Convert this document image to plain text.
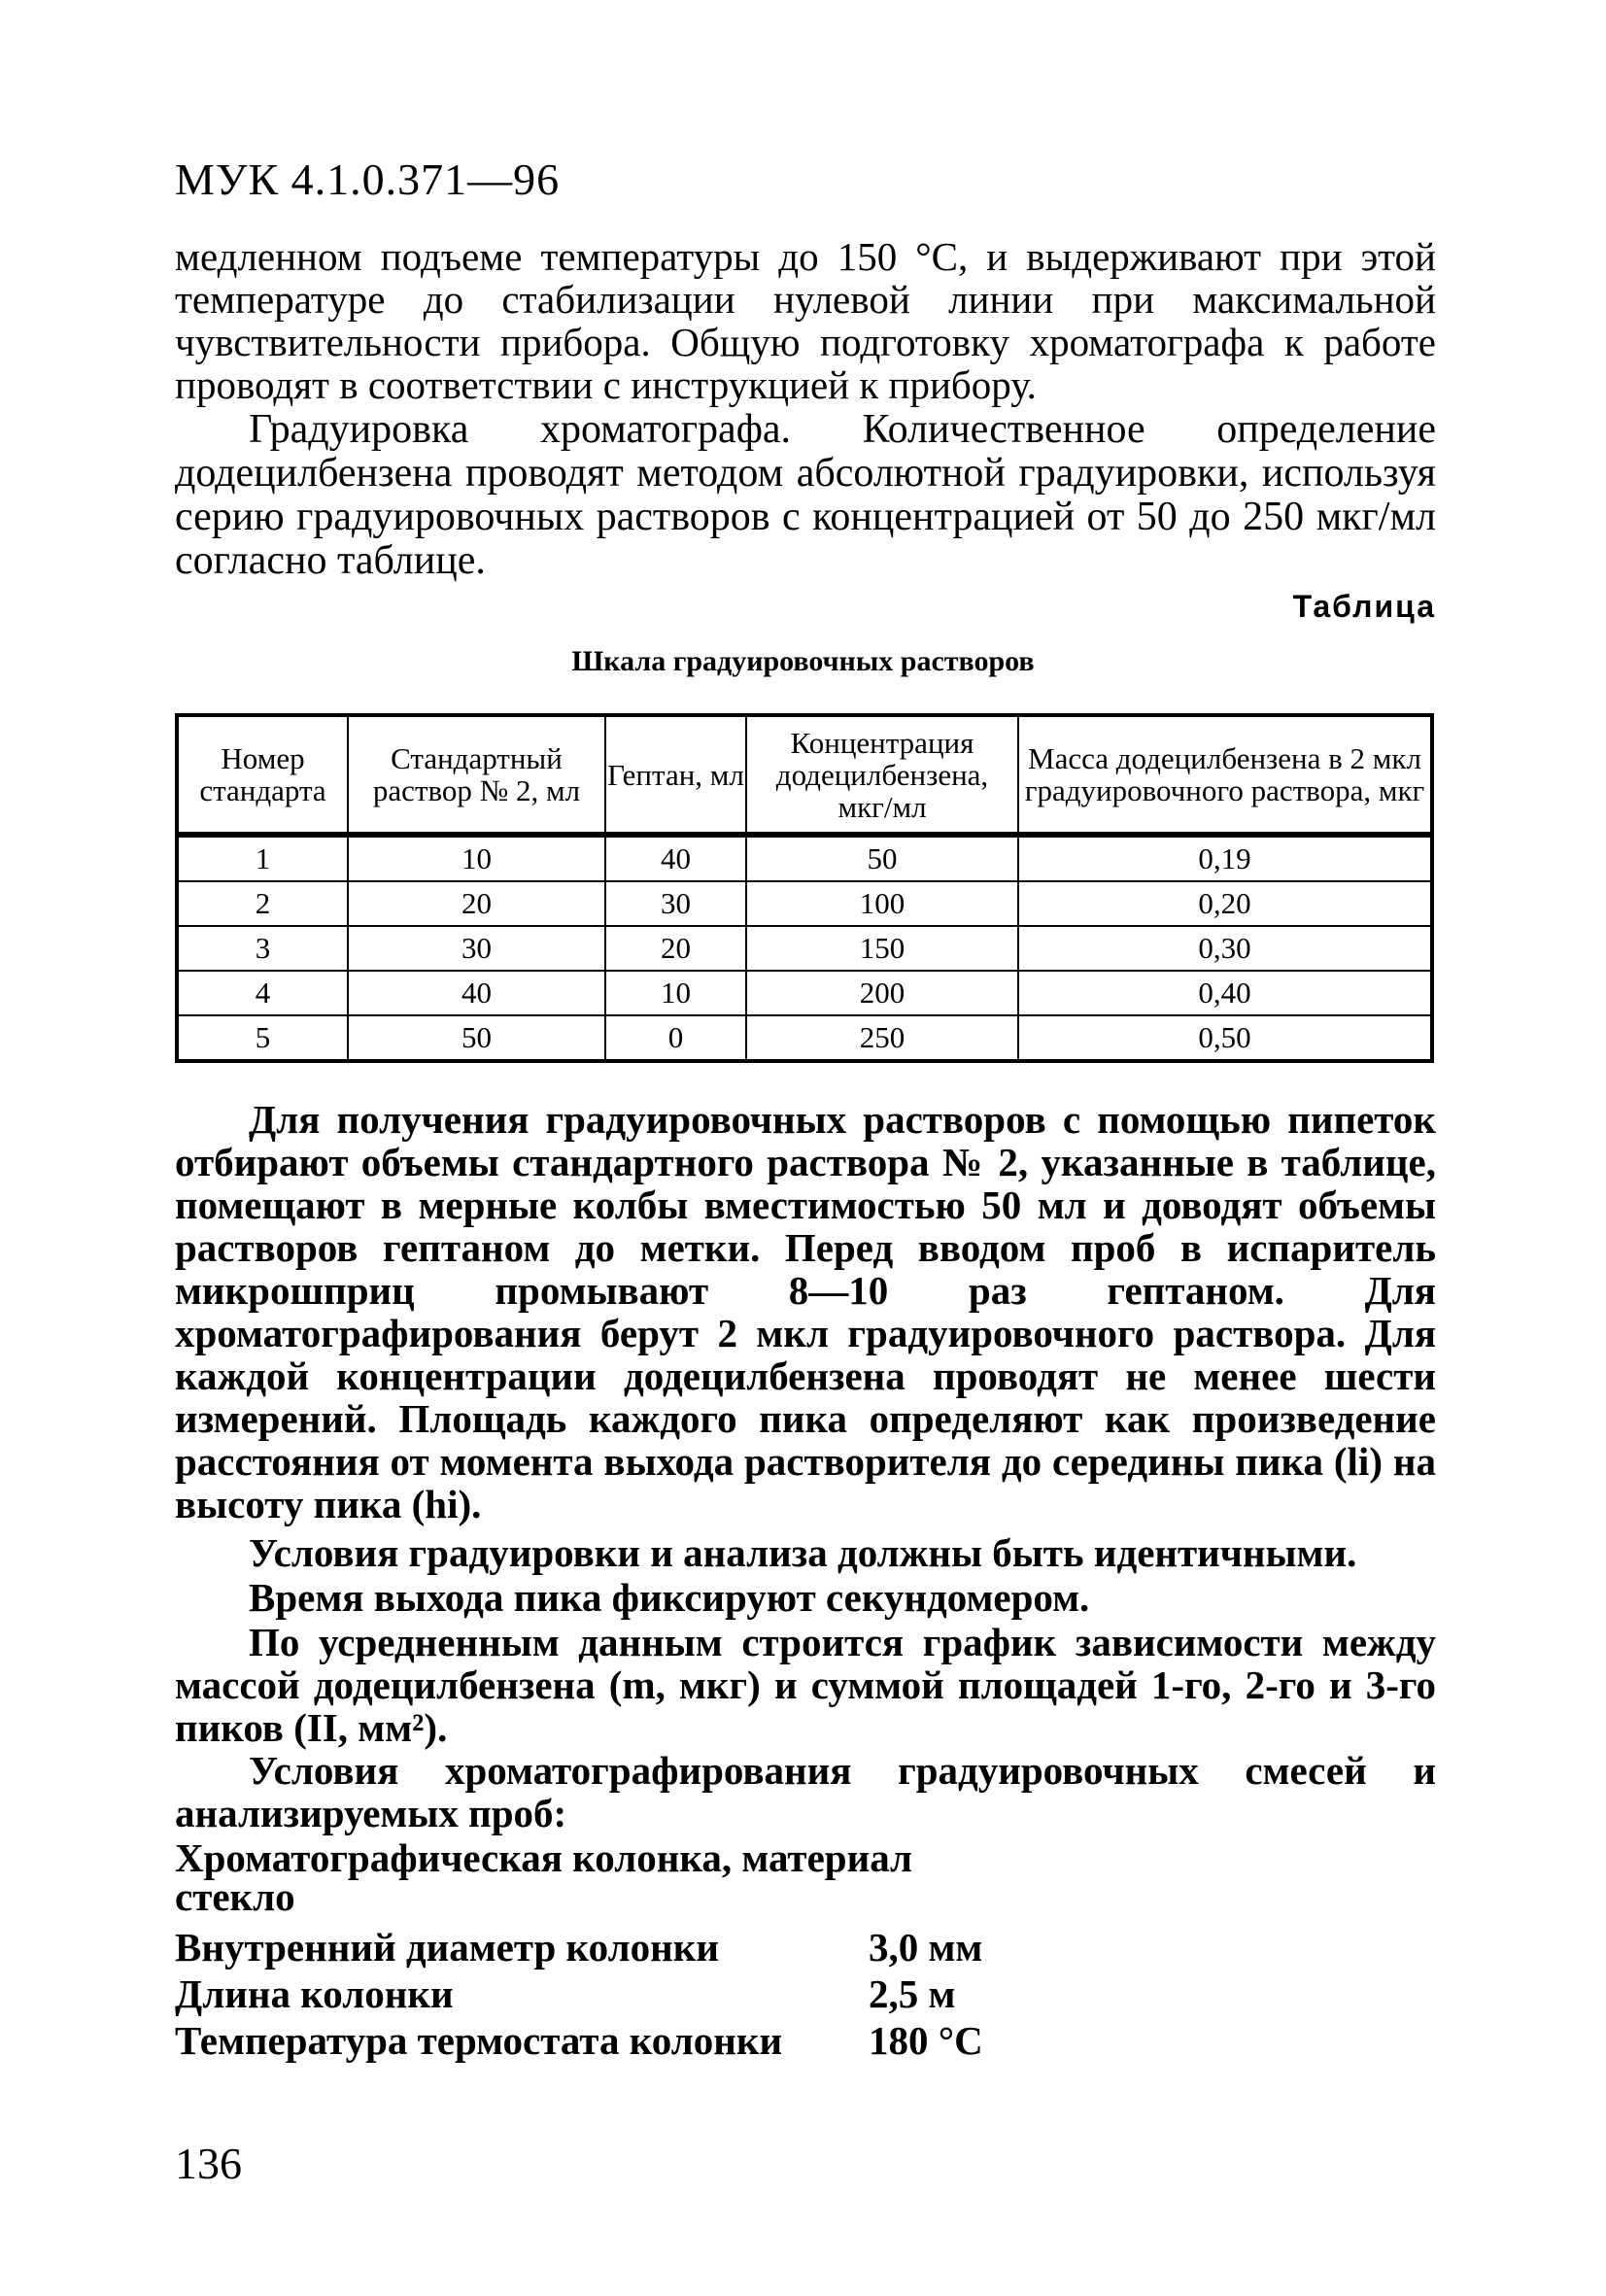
МУК 4.1.0.371—96
медленном подъеме температуры до 150 °С, и выдерживают при этой температуре до стабилизации нулевой линии при максимальной чувствительности прибора. Общую подготовку хроматографа к работе проводят в соответствии с инструкцией к прибору.
Градуировка хроматографа. Количественное определение додецилбензена проводят методом абсолютной градуировки, используя серию градуировочных растворов с концентрацией от 50 до 250 мкг/мл согласно таблице.
Таблица
Шкала градуировочных растворов
Номер стандарта	Стандартный раствор № 2, мл	Гептан, мл	Концентрация додецилбензена, мкг/мл	Масса додецилбензена в 2 мкл градуировочного раствора, мкг
1	10	40	50	0,19
2	20	30	100	0,20
3	30	20	150	0,30
4	40	10	200	0,40
5	50	0	250	0,50
Для получения градуировочных растворов с помощью пипеток отбирают объемы стандартного раствора № 2, указанные в таблице, помещают в мерные колбы вместимостью 50 мл и доводят объемы растворов гептаном до метки. Перед вводом проб в испаритель микрошприц промывают 8—10 раз гептаном. Для хроматографирования берут 2 мкл градуировочного раствора. Для каждой концентрации додецилбензена проводят не менее шести измерений. Площадь каждого пика определяют как произведение расстояния от момента выхода растворителя до середины пика (li) на высоту пика (hi).
Условия градуировки и анализа должны быть идентичными.
Время выхода пика фиксируют секундомером.
По усредненным данным строится график зависимости между массой додецилбензена (m, мкг) и суммой площадей 1-го, 2-го и 3-го пиков (II, мм²).
Условия хроматографирования градуировочных смесей и анализируемых проб:
Хроматографическая колонка, материал
стекло
Внутренний диаметр колонки	3,0 мм
Длина колонки	2,5 м
Температура термостата колонки	180 °С
136
